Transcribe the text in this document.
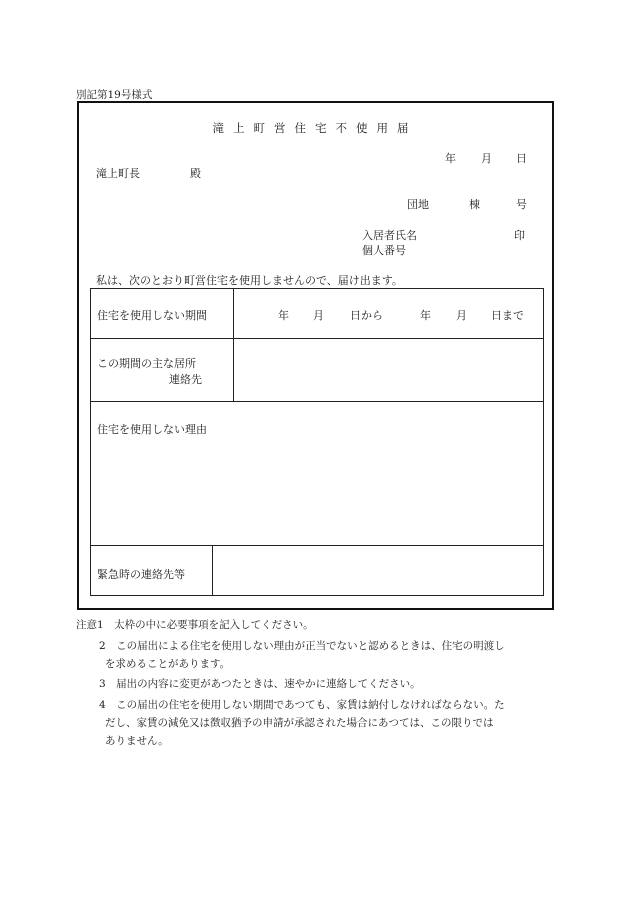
別記第19号様式
滝上町営住宅不使用届
年 月 日
滝上町長	殿
団地	棟	号
入居者氏名	印
個人番号
私は、次のとおり町営住宅を使用しませんので、届け出ます。
住宅を使用しない期間	年 月 日から	年 月 日まで
この期間の主な居所
連絡先
住宅を使用しない理由
緊急時の連絡先等
注意1　太枠の中に必要事項を記入してください。
2　この届出による住宅を使用しない理由が正当でないと認めるときは、住宅の明渡し
を求めることがあります。
3　届出の内容に変更があつたときは、速やかに連絡してください。
4　この届出の住宅を使用しない期間であつても、家賃は納付しなければならない。た
だし、家賃の減免又は徴収猶予の申請が承認された場合にあつては、この限りでは
ありません。
